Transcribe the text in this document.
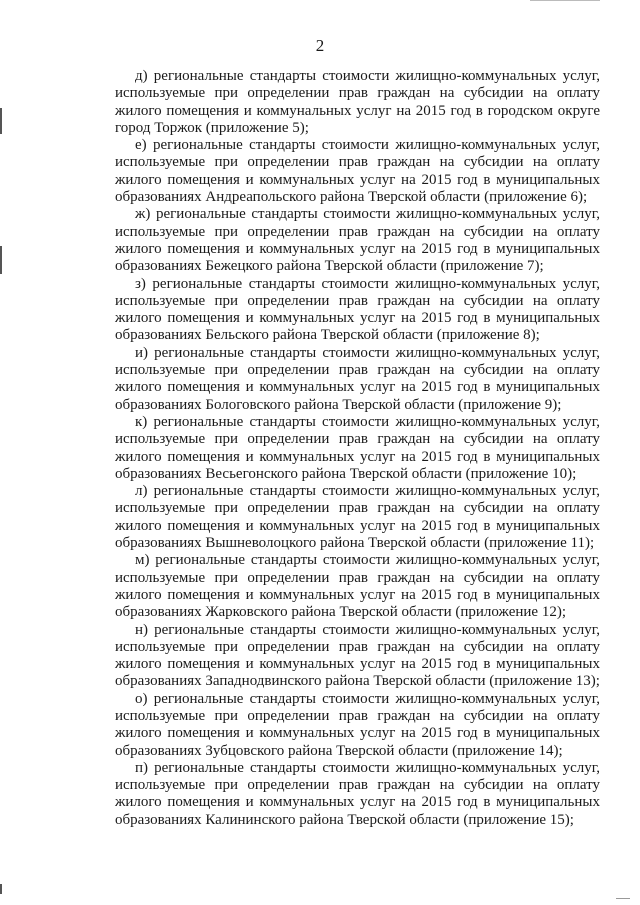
2

д) региональные стандарты стоимости жилищно-коммунальных услуг, используемые при определении прав граждан на субсидии на оплату жилого помещения и коммунальных услуг на 2015 год в городском округе город Торжок (приложение 5);

е) региональные стандарты стоимости жилищно-коммунальных услуг, используемые при определении прав граждан на субсидии на оплату жилого помещения и коммунальных услуг на 2015 год в муниципальных образованиях Андреапольского района Тверской области (приложение 6);

ж) региональные стандарты стоимости жилищно-коммунальных услуг, используемые при определении прав граждан на субсидии на оплату жилого помещения и коммунальных услуг на 2015 год в муниципальных образованиях Бежецкого района Тверской области (приложение 7);

з) региональные стандарты стоимости жилищно-коммунальных услуг, используемые при определении прав граждан на субсидии на оплату жилого помещения и коммунальных услуг на 2015 год в муниципальных образованиях Бельского района Тверской области (приложение 8);

и) региональные стандарты стоимости жилищно-коммунальных услуг, используемые при определении прав граждан на субсидии на оплату жилого помещения и коммунальных услуг на 2015 год в муниципальных образованиях Бологовского района Тверской области (приложение 9);

к) региональные стандарты стоимости жилищно-коммунальных услуг, используемые при определении прав граждан на субсидии на оплату жилого помещения и коммунальных услуг на 2015 год в муниципальных образованиях Весьегонского района Тверской области (приложение 10);

л) региональные стандарты стоимости жилищно-коммунальных услуг, используемые при определении прав граждан на субсидии на оплату жилого помещения и коммунальных услуг на 2015 год в муниципальных образованиях Вышневолоцкого района Тверской области (приложение 11);

м) региональные стандарты стоимости жилищно-коммунальных услуг, используемые при определении прав граждан на субсидии на оплату жилого помещения и коммунальных услуг на 2015 год в муниципальных образованиях Жарковского района Тверской области (приложение 12);

н) региональные стандарты стоимости жилищно-коммунальных услуг, используемые при определении прав граждан на субсидии на оплату жилого помещения и коммунальных услуг на 2015 год в муниципальных образованиях Западнодвинского района Тверской области (приложение 13);

о) региональные стандарты стоимости жилищно-коммунальных услуг, используемые при определении прав граждан на субсидии на оплату жилого помещения и коммунальных услуг на 2015 год в муниципальных образованиях Зубцовского района Тверской области (приложение 14);

п) региональные стандарты стоимости жилищно-коммунальных услуг, используемые при определении прав граждан на субсидии на оплату жилого помещения и коммунальных услуг на 2015 год в муниципальных образованиях Калининского района Тверской области (приложение 15);
